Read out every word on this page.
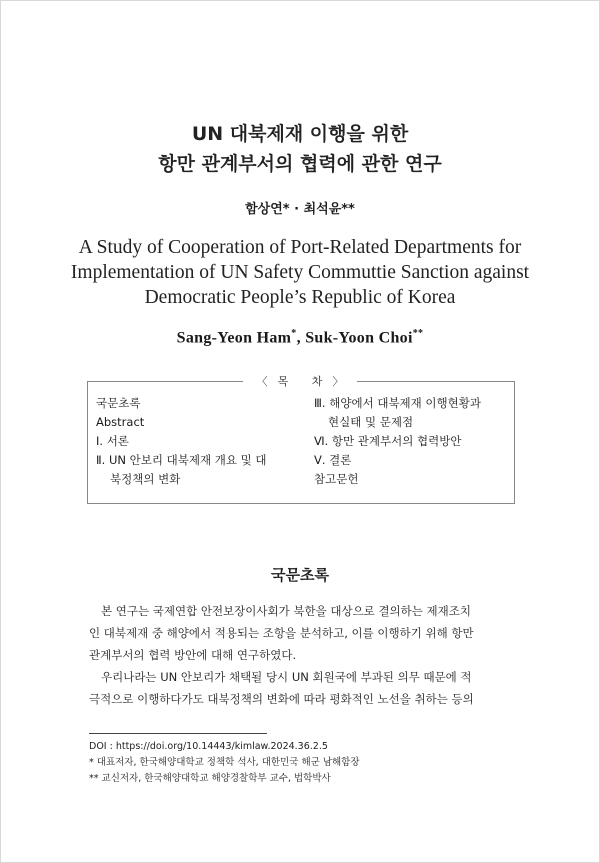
UN 대북제재 이행을 위한
항만 관계부서의 협력에 관한 연구
함상연* · 최석윤**
A Study of Cooperation of Port-Related Departments for
Implementation of UN Safety Commuttie Sanction against
Democratic People’s Republic of Korea
Sang-Yeon Ham*, Suk-Yoon Choi**
국문초록
Abstract
Ⅰ. 서론
Ⅱ. UN 안보리 대북제재 개요 및 대
북정책의 변화
Ⅲ. 해양에서 대북제재 이행현황과
현실태 및 문제점
Ⅵ. 항만 관계부서의 협력방안
Ⅴ. 결론
참고문헌
〈목 차〉
국문초록
본 연구는 국제연합 안전보장이사회가 북한을 대상으로 결의하는 제재조치
인 대북제재 중 해양에서 적용되는 조항을 분석하고, 이를 이행하기 위해 항만
관계부서의 협력 방안에 대해 연구하였다.
우리나라는 UN 안보리가 채택될 당시 UN 회원국에 부과된 의무 때문에 적
극적으로 이행하다가도 대북정책의 변화에 따라 평화적인 노선을 취하는 등의
DOI : https://doi.org/10.14443/kimlaw.2024.36.2.5
* 대표저자, 한국해양대학교 정책학 석사, 대한민국 해군 남해함장
** 교신저자, 한국해양대학교 해양경찰학부 교수, 법학박사
